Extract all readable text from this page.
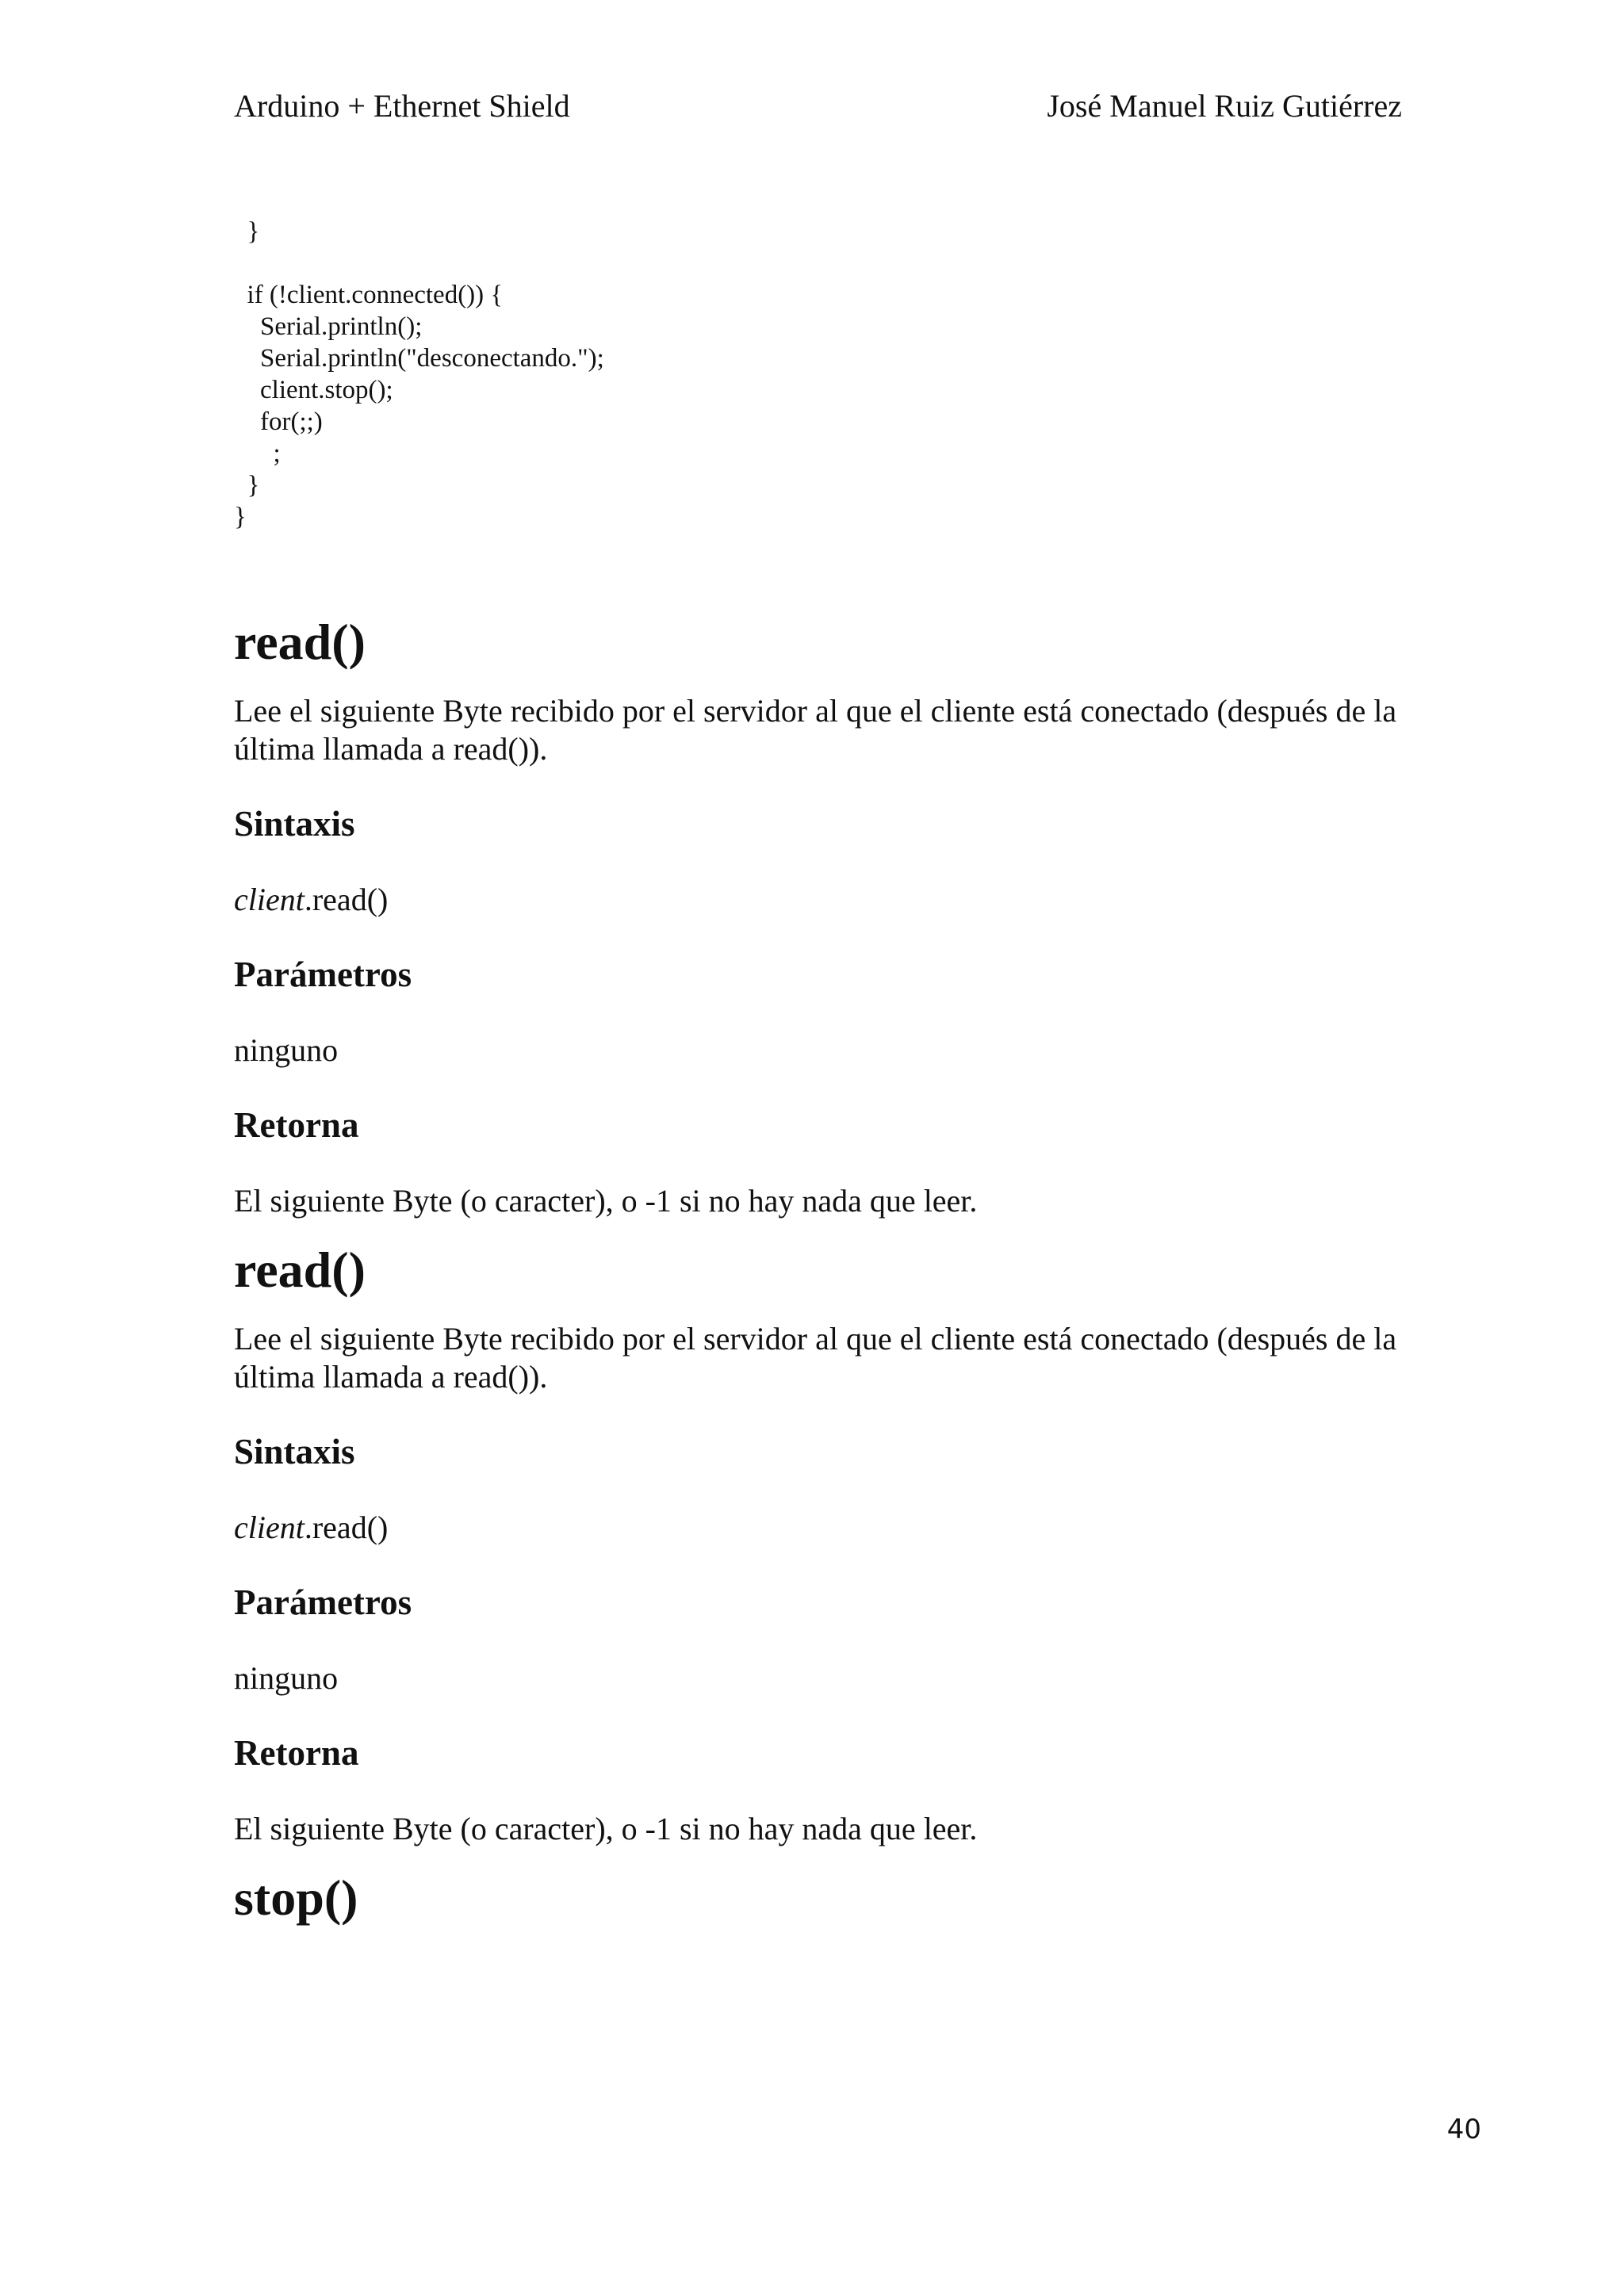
Arduino + Ethernet Shield	José Manuel Ruiz Gutiérrez
}

if (!client.connected()) {
Serial.println();
Serial.println("desconectando.");
client.stop();
for(;;)
;
}
}
read()

Lee el siguiente Byte recibido por el servidor al que el cliente está conectado (después de la última llamada a read()).

Sintaxis

client.read()

Parámetros

ninguno

Retorna

El siguiente Byte (o caracter), o -1 si no hay nada que leer.

read()

Lee el siguiente Byte recibido por el servidor al que el cliente está conectado (después de la última llamada a read()).

Sintaxis

client.read()

Parámetros

ninguno

Retorna

El siguiente Byte (o caracter), o -1 si no hay nada que leer.

stop()
40
